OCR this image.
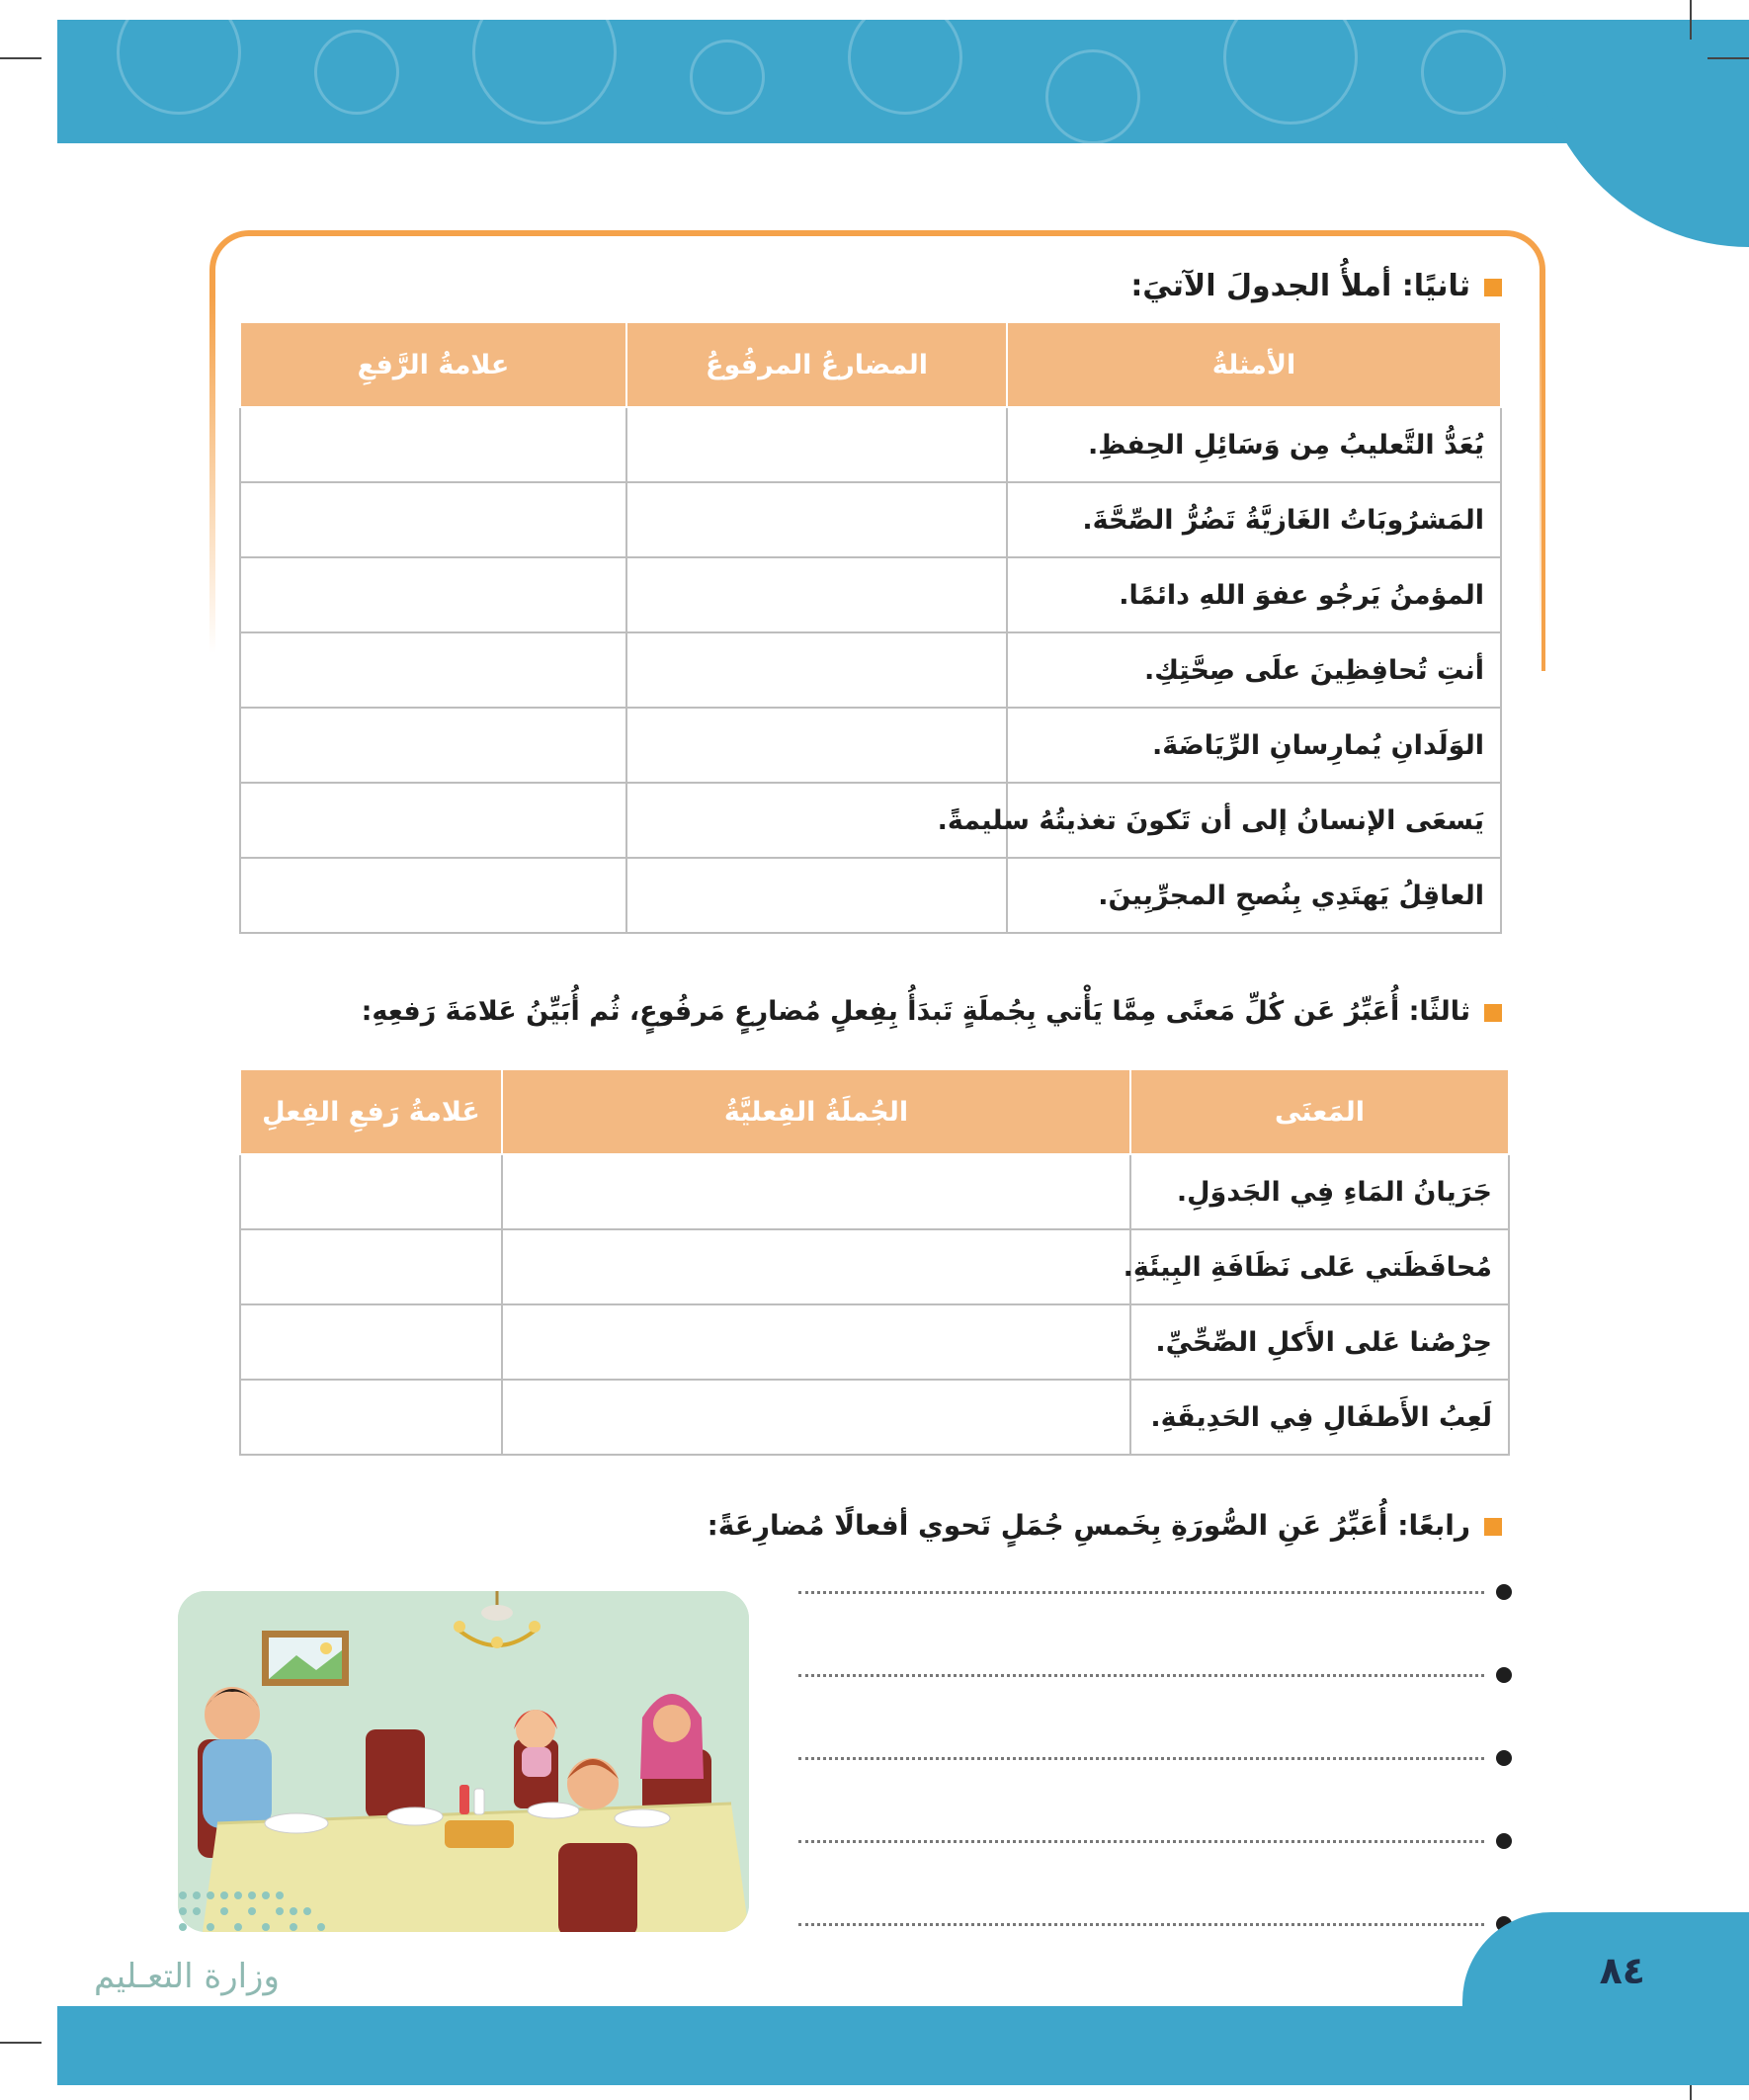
ثانيًا: أملأُ الجدولَ الآتيَ:
الأمثلةُ	المضارعُ المرفُوعُ	علامةُ الرَّفعِ
يُعَدُّ التَّعليبُ مِن وَسَائِلِ الحِفظِ.		
المَشرُوبَاتُ الغَازيَّةُ تَضُرُّ الصِّحَّةَ.		
المؤمنُ يَرجُو عفوَ اللهِ دائمًا.		
أنتِ تُحافِظِينَ علَى صِحَّتِكِ.		
الوَلَدانِ يُمارِسانِ الرِّيَاضَةَ.		
يَسعَى الإنسانُ إلى أن تَكونَ تغذيتُهُ سليمةً.		
العاقِلُ يَهتَدِي بِنُصحِ المجرِّبِينَ.		
ثالثًا: أُعَبِّرُ عَن كُلِّ مَعنًى مِمَّا يَأْتي بِجُملَةٍ تَبدَأُ بِفِعلٍ مُضارِعٍ مَرفُوعٍ، ثُم أُبَيِّنُ عَلامَةَ رَفعِهِ:
المَعنَى	الجُملَةُ الفِعليَّةُ	عَلامةُ رَفعِ الفِعلِ
جَرَيانُ المَاءِ فِي الجَدوَلِ.		
مُحافَظَتي عَلى نَظَافَةِ البِيئَةِ.		
حِرْصُنا عَلى الأَكلِ الصِّحِّيِّ.		
لَعِبُ الأَطفَالِ فِي الحَدِيقَةِ.		
رابعًا: أُعَبِّرُ عَنِ الصُّورَةِ بِخَمسِ جُمَلٍ تَحوي أفعالًا مُضارِعَةً:
٨٤
وزارة التعـليم
